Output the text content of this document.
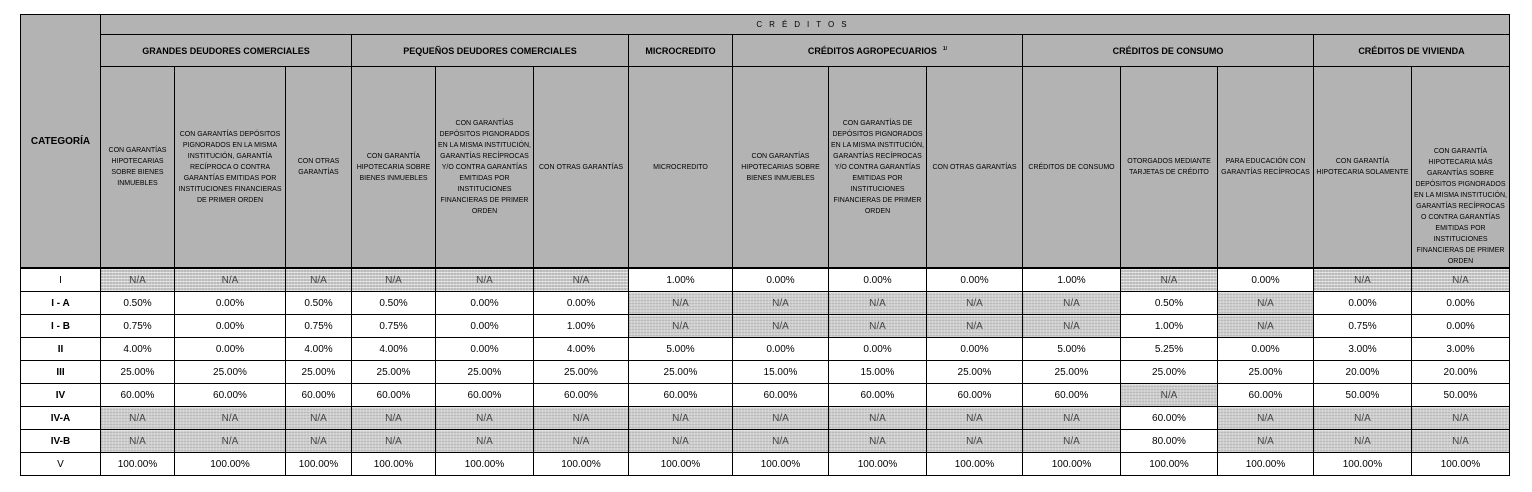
CATEGORÍA	CRÉDITOS														
	GRANDES DEUDORES COMERCIALES			PEQUEÑOS DEUDORES COMERCIALES			MICROCREDITO	CRÉDITOS AGROPECUARIOS $^{1/}$			CRÉDITOS DE CONSUMO			CRÉDITOS DE VIVIENDA	
	CON GARANTÍAS HIPOTECARIAS SOBRE BIENES INMUEBLES	CON GARANTÍAS DEPÓSITOS PIGNORADOS EN LA MISMA INSTITUCIÓN, GARANTÍA RECÍPROCA O CONTRA GARANTÍAS EMITIDAS POR INSTITUCIONES FINANCIERAS DE PRIMER ORDEN	CON OTRAS GARANTÍAS	CON GARANTÍA HIPOTECARIA SOBRE BIENES INMUEBLES	CON GARANTÍAS DEPÓSITOS PIGNORADOS EN LA MISMA INSTITUCIÓN, GARANTÍAS RECÍPROCAS Y/O CONTRA GARANTÍAS EMITIDAS POR INSTITUCIONES FINANCIERAS DE PRIMER ORDEN	CON OTRAS GARANTÍAS	MICROCREDITO	CON GARANTÍAS HIPOTECARIAS SOBRE BIENES INMUEBLES	CON GARANTÍAS DE DEPÓSITOS PIGNORADOS EN LA MISMA INSTITUCIÓN, GARANTÍAS RECÍPROCAS Y/O CONTRA GARANTÍAS EMITIDAS POR INSTITUCIONES FINANCIERAS DE PRIMER ORDEN	CON OTRAS GARANTÍAS	CRÉDITOS DE CONSUMO	OTORGADOS MEDIANTE TARJETAS DE CRÉDITO	PARA EDUCACIÓN CON GARANTÍAS RECÍPROCAS	CON GARANTÍA HIPOTECARIA SOLAMENTE	CON GARANTÍA HIPOTECARIA MÁS GARANTÍAS SOBRE DEPÓSITOS PIGNORADOS EN LA MISMA INSTITUCIÓN, GARANTÍAS RECÍPROCAS O CONTRA GARANTÍAS EMITIDAS POR INSTITUCIONES FINANCIERAS DE PRIMER ORDEN

I	N/A	N/A	N/A	N/A	N/A	N/A	1.00%	0.00%	0.00%	0.00%	1.00%	N/A	0.00%	N/A	N/A
I - A	0.50%	0.00%	0.50%	0.50%	0.00%	0.00%	N/A	N/A	N/A	N/A	N/A	0.50%	N/A	0.00%	0.00%
I - B	0.75%	0.00%	0.75%	0.75%	0.00%	1.00%	N/A	N/A	N/A	N/A	N/A	1.00%	N/A	0.75%	0.00%
II	4.00%	0.00%	4.00%	4.00%	0.00%	4.00%	5.00%	0.00%	0.00%	0.00%	5.00%	5.25%	0.00%	3.00%	3.00%
III	25.00%	25.00%	25.00%	25.00%	25.00%	25.00%	25.00%	15.00%	15.00%	25.00%	25.00%	25.00%	25.00%	20.00%	20.00%
IV	60.00%	60.00%	60.00%	60.00%	60.00%	60.00%	60.00%	60.00%	60.00%	60.00%	60.00%	N/A	60.00%	50.00%	50.00%
IV-A	N/A	N/A	N/A	N/A	N/A	N/A	N/A	N/A	N/A	N/A	N/A	60.00%	N/A	N/A	N/A
IV-B	N/A	N/A	N/A	N/A	N/A	N/A	N/A	N/A	N/A	N/A	N/A	80.00%	N/A	N/A	N/A
V	100.00%	100.00%	100.00%	100.00%	100.00%	100.00%	100.00%	100.00%	100.00%	100.00%	100.00%	100.00%	100.00%	100.00%	100.00%
